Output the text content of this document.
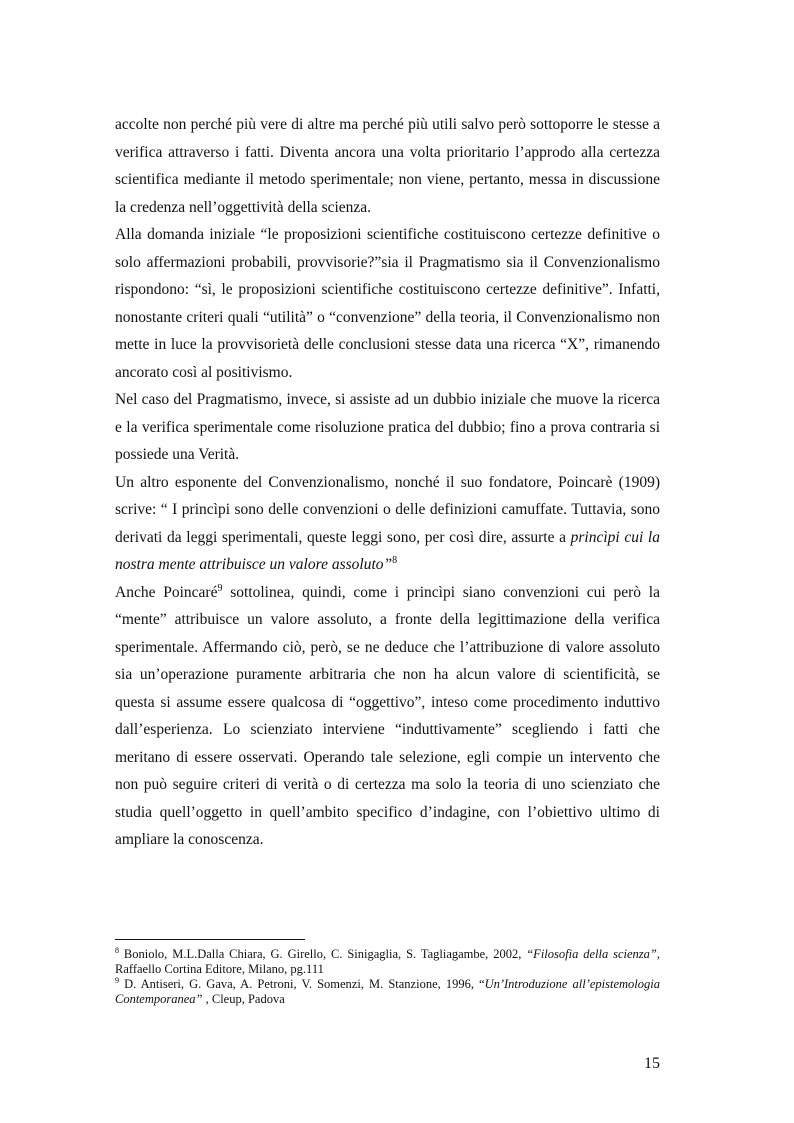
accolte non perché più vere di altre ma perché più utili salvo però sottoporre le stesse a verifica attraverso i fatti. Diventa ancora una volta prioritario l’approdo alla certezza scientifica mediante il metodo sperimentale; non viene, pertanto, messa in discussione la credenza nell’oggettività della scienza.

Alla domanda iniziale “le proposizioni scientifiche costituiscono certezze definitive o solo affermazioni probabili, provvisorie?”sia il Pragmatismo sia il Convenzionalismo rispondono: “sì, le proposizioni scientifiche costituiscono certezze definitive”. Infatti, nonostante criteri quali “utilità” o “convenzione” della teoria, il Convenzionalismo non mette in luce la provvisorietà delle conclusioni stesse data una ricerca “X”, rimanendo ancorato così al positivismo.

Nel caso del Pragmatismo, invece, si assiste ad un dubbio iniziale che muove la ricerca e la verifica sperimentale come risoluzione pratica del dubbio; fino a prova contraria si possiede una Verità.

Un altro esponente del Convenzionalismo, nonché il suo fondatore, Poincarè (1909) scrive: “ I princìpi sono delle convenzioni o delle definizioni camuffate. Tuttavia, sono derivati da leggi sperimentali, queste leggi sono, per così dire, assurte a princìpi cui la nostra mente attribuisce un valore assoluto”$^8$

Anche Poincaré$^9$ sottolinea, quindi, come i princìpi siano convenzioni cui però la “mente” attribuisce un valore assoluto, a fronte della legittimazione della verifica sperimentale. Affermando ciò, però, se ne deduce che l’attribuzione di valore assoluto sia un’operazione puramente arbitraria che non ha alcun valore di scientificità, se questa si assume essere qualcosa di “oggettivo”, inteso come procedimento induttivo dall’esperienza. Lo scienziato interviene “induttivamente” scegliendo i fatti che meritano di essere osservati. Operando tale selezione, egli compie un intervento che non può seguire criteri di verità o di certezza ma solo la teoria di uno scienziato che studia quell’oggetto in quell’ambito specifico d’indagine, con l’obiettivo ultimo di ampliare la conoscenza.

$^8$ Boniolo, M.L.Dalla Chiara, G. Girello, C. Sinigaglia, S. Tagliagambe, 2002, “Filosofia della scienza”, Raffaello Cortina Editore, Milano, pg.111

$^9$ D. Antiseri, G. Gava, A. Petroni, V. Somenzi, M. Stanzione, 1996, “Un’Introduzione all’epistemologia Contemporanea” , Cleup, Padova

15
